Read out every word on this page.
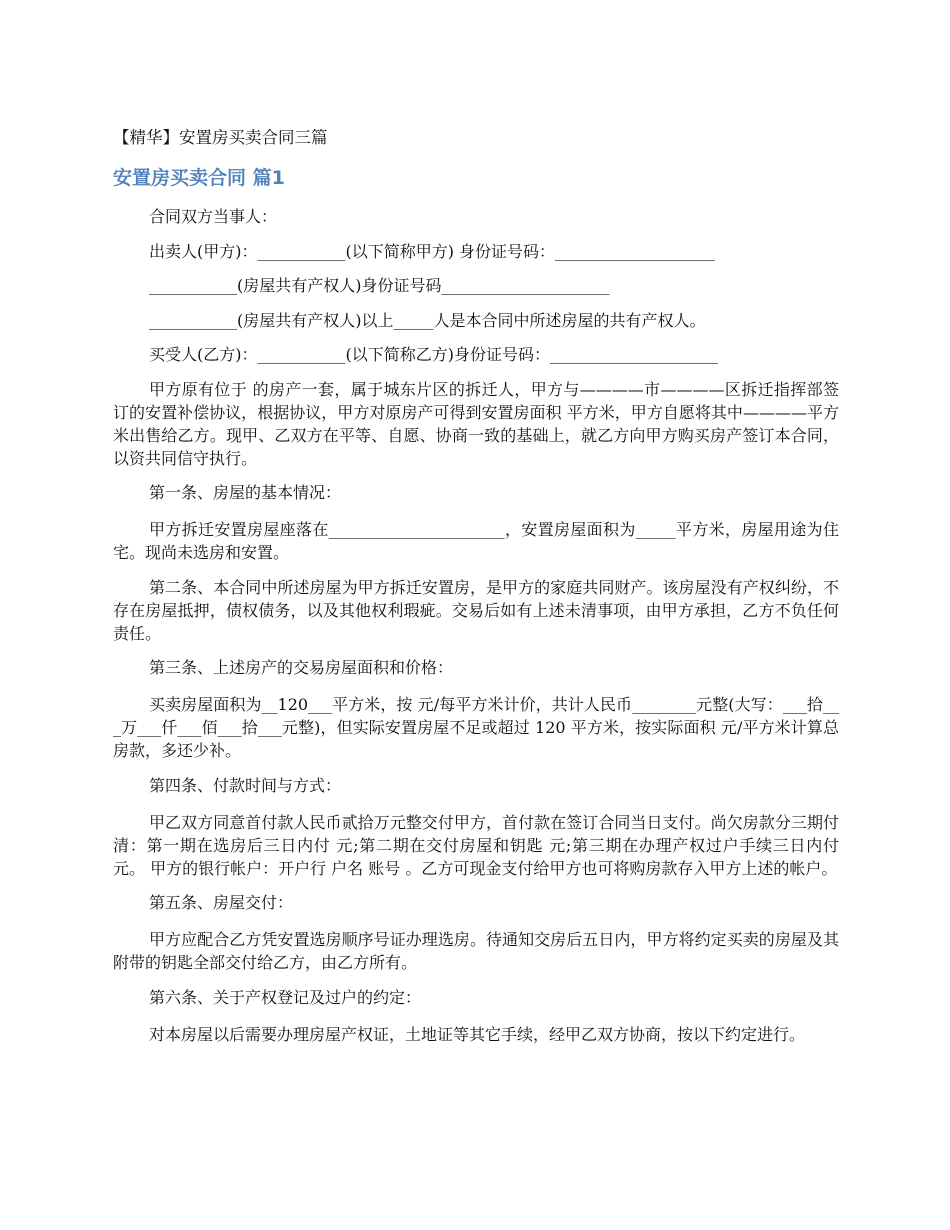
【精华】安置房买卖合同三篇
安置房买卖合同 篇1

合同双方当事人：

出卖人(甲方)：___________(以下简称甲方) 身份证号码：____________________

___________(房屋共有产权人)身份证号码_____________________

___________(房屋共有产权人)以上_____人是本合同中所述房屋的共有产权人。

买受人(乙方)：___________(以下简称乙方)身份证号码：_____________________

甲方原有位于 的房产一套，属于城东片区的拆迁人，甲方与————市————区拆迁指挥部签订的安置补偿协议，根据协议，甲方对原房产可得到安置房面积 平方米，甲方自愿将其中————平方米出售给乙方。现甲、乙双方在平等、自愿、协商一致的基础上，就乙方向甲方购买房产签订本合同，以资共同信守执行。

第一条、房屋的基本情况：

甲方拆迁安置房屋座落在______________________，安置房屋面积为_____平方米，房屋用途为住宅。现尚未选房和安置。

第二条、本合同中所述房屋为甲方拆迁安置房，是甲方的家庭共同财产。该房屋没有产权纠纷，不存在房屋抵押，债权债务，以及其他权利瑕疵。交易后如有上述未清事项，由甲方承担，乙方不负任何责任。

第三条、上述房产的交易房屋面积和价格：

买卖房屋面积为__120___平方米，按 元/每平方米计价，共计人民币________元整(大写：___拾___万___仟___佰___拾___元整)，但实际安置房屋不足或超过 120 平方米，按实际面积 元/平方米计算总房款，多还少补。

第四条、付款时间与方式：

甲乙双方同意首付款人民币贰拾万元整交付甲方，首付款在签订合同当日支付。尚欠房款分三期付清：第一期在选房后三日内付 元;第二期在交付房屋和钥匙 元;第三期在办理产权过户手续三日内付 元。 甲方的银行帐户：开户行 户名 账号 。乙方可现金支付给甲方也可将购房款存入甲方上述的帐户。

第五条、房屋交付：

甲方应配合乙方凭安置选房顺序号证办理选房。待通知交房后五日内，甲方将约定买卖的房屋及其附带的钥匙全部交付给乙方，由乙方所有。

第六条、关于产权登记及过户的约定：

对本房屋以后需要办理房屋产权证，土地证等其它手续，经甲乙双方协商，按以下约定进行。
